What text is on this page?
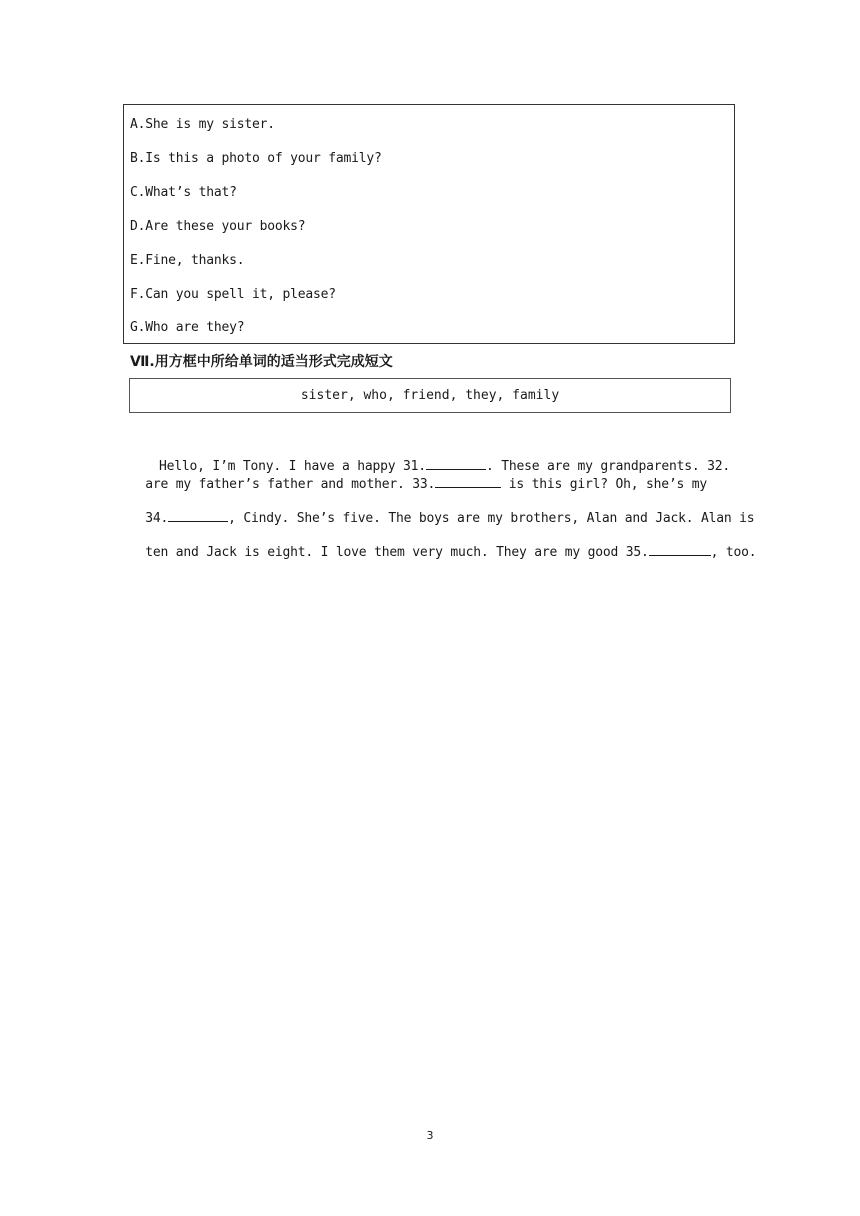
A.She is my sister.
B.Is this a photo of your family?
C.What’s that?
D.Are these your books?
E.Fine, thanks.
F.Can you spell it, please?
G.Who are they?
Ⅶ.用方框中所给单词的适当形式完成短文
sister, who, friend, they, family

Hello, I’m Tony. I have a happy 31.	. These are my grandparents. 32.

are my father’s father and mother. 33.	is this girl? Oh, she’s my

34.	, Cindy. She’s five. The boys are my brothers, Alan and Jack. Alan is

ten and Jack is eight. I love them very much. They are my good 35.	, too.

3
